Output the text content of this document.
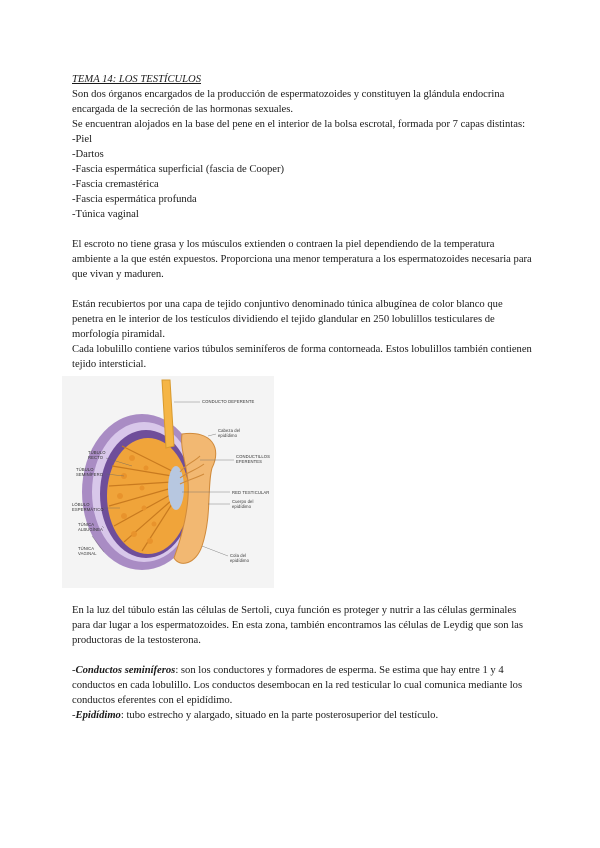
TEMA 14: LOS TESTÍCULOS

Son dos órganos encargados de la producción de espermatozoides y constituyen la glándula endocrina encargada de la secreción de las hormonas sexuales.

Se encuentran alojados en la base del pene en el interior de la bolsa escrotal, formada por 7 capas distintas:

-Piel
-Dartos
-Fascia espermática superficial (fascia de Cooper)
-Fascia cremastérica
-Fascia espermática profunda
-Túnica vaginal

El escroto no tiene grasa y los músculos extienden o contraen la piel dependiendo de la temperatura ambiente a la que estén expuestos. Proporciona una menor temperatura a los espermatozoides necesaria para que vivan y maduren.

Están recubiertos por una capa de tejido conjuntivo denominado túnica albugínea de color blanco que penetra en le interior de los testículos dividiendo el tejido glandular en 250 lobulillos testiculares de morfología piramidal.

Cada lobulillo contiene varios túbulos seminíferos de forma contorneada. Estos lobulillos también contienen tejido intersticial.

CONDUCTO DEFERENTE
Cabeza del
epidídimo
TÚBULO
RECTO
TÚBULO
SEMINÍFERO
CONDUCTILLOS
EFERENTES
RED TESTICULAR
Cuerpo del
epidídimo
LÓBULO
ESPERMÁTICO
TÚNICA
ALBUGÍNEA
TÚNICA
VAGINAL	Cola del
epidídimo

En la luz del túbulo están las células de Sertoli, cuya función es proteger y nutrir a las células germinales para dar lugar a los espermatozoides. En esta zona, también encontramos las células de Leydig que son las productoras de la testosterona.

-Conductos seminíferos: son los conductores y formadores de esperma. Se estima que hay entre 1 y 4 conductos en cada lobulillo. Los conductos desembocan en la red testicular lo cual comunica mediante los conductos eferentes con el epidídimo.

-Epidídimo: tubo estrecho y alargado, situado en la parte posterosuperior del testículo.
